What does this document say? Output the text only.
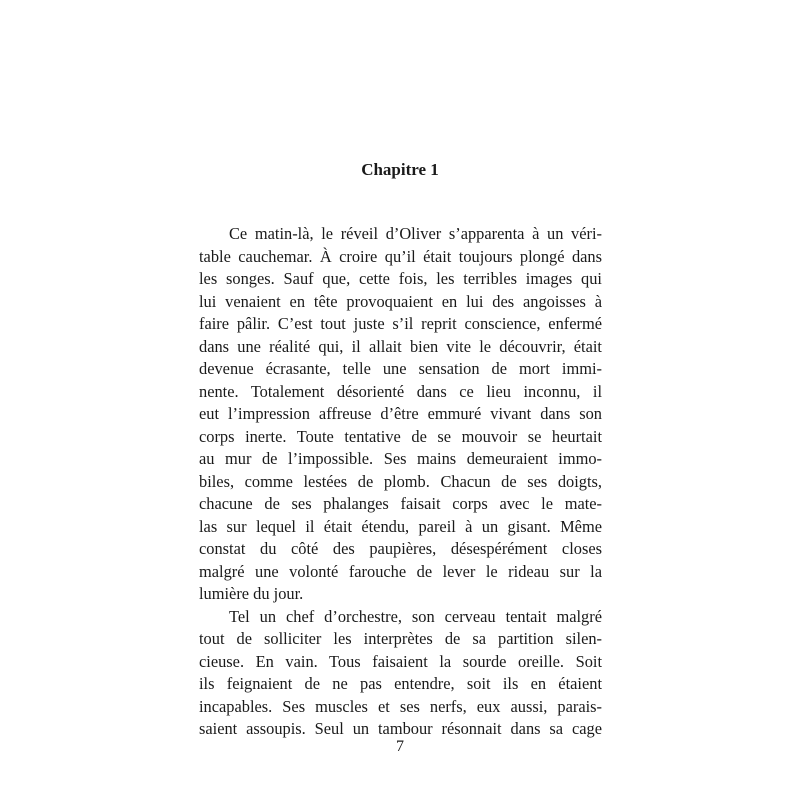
Chapitre 1
Ce matin-là, le réveil d’Oliver s’apparenta à un véri-
table cauchemar. À croire qu’il était toujours plongé dans
les songes. Sauf que, cette fois, les terribles images qui
lui venaient en tête provoquaient en lui des angoisses à
faire pâlir. C’est tout juste s’il reprit conscience, enfermé
dans une réalité qui, il allait bien vite le découvrir, était
devenue écrasante, telle une sensation de mort immi-
nente. Totalement désorienté dans ce lieu inconnu, il
eut l’impression affreuse d’être emmuré vivant dans son
corps inerte. Toute tentative de se mouvoir se heurtait
au mur de l’impossible. Ses mains demeuraient immo-
biles, comme lestées de plomb. Chacun de ses doigts,
chacune de ses phalanges faisait corps avec le mate-
las sur lequel il était étendu, pareil à un gisant. Même
constat du côté des paupières, désespérément closes
malgré une volonté farouche de lever le rideau sur la
lumière du jour.
Tel un chef d’orchestre, son cerveau tentait malgré
tout de solliciter les interprètes de sa partition silen-
cieuse. En vain. Tous faisaient la sourde oreille. Soit
ils feignaient de ne pas entendre, soit ils en étaient
incapables. Ses muscles et ses nerfs, eux aussi, parais-
saient assoupis. Seul un tambour résonnait dans sa cage
7
